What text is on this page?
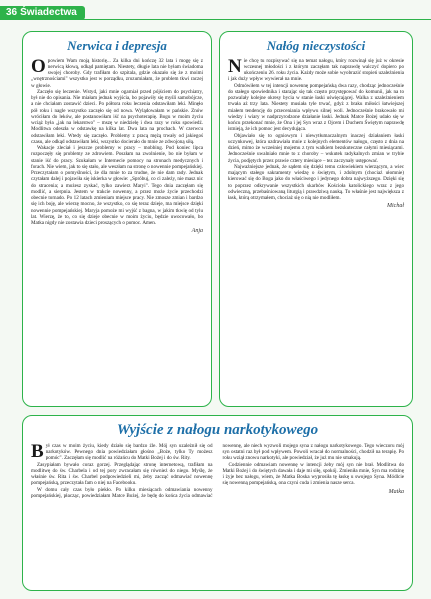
36 Świadectwa
Nerwica i depresja

Opowiem Wam moją historię... Za kilka dni kończę 32 lata i mogę się z nerwicą kłową, odkąd pamiętam. Niestety, długie lata nie byłam świadoma swojej choroby. Gdy trafiłam do szpitala, gdzie okazało się że z moimi „wnętrznościami" wszystko jest w porządku, zrozumiałam, że problem tkwi raczej w głowie.

Zaczęło się leczenie. Wstyd, jaki mnie ogarniał przed pójściem do psychiatry, był nie do opisania. Nie miałam jednak wyjścia, bo pojawiły się myśli samobójcze, a nie chciałam zostawić dzieci. Po półtora roku leczenia odstawiłam leki. Minęło pół roku i nagle wszystko zaczęło się od nowa. Wylądowałam w pańskie. Znów wróciłam do leków, ale postanowiłam iść na psychoterapię. Bogu w moim życiu wciąż była „jak na lekarstwo" – mszę w niedzielę i dwa razy w roku spowiedź. Modlitwa odeszła w odstawkę na kilka lat. Dwa lata na prochach. W czerwcu odstawiłam leki. Wtedy się zaczęło. Problemy z pracą mężą trwały od jakiegoś czasu, ale odkąd odstawiłam leki, wszystko docierało do mnie ze zdwojoną siłą.

Wakacje zleciał i jeszcze problemy w pracy – mobbing. Pod koniec lipca rozpoczęły się problemy ze zdrowiem. Poszłam na zwolnienie, bo nie byłam w stanie iść do pracy. Szukałam w Internecie pomocy na stronach medycznych i forach. Nie wiem, jak to się stało, ale weszłam na stronę o nowennie pompejańskiej. Przeczytałam o pomyślności, że dla mnie to za trudne, że nie dam rady. Jednak czytałam dalej i pojawiła się iskierka w głowie: „Spróbuj, co ci zależy, nie masz nic do stracenia; a możesz zyskać, tylko zawierz Maryi". Tego dnia zaczęłam się modlić, a sierpnia. Jestem w trakcie nowenny, a przez może życie przechodzi obecnie tornado. Po 12 latach zmieniam miejsce pracy. Nie zmosze zmian i bardzo się ich boję, ale wierzę mocno, że wszystko, co się teraz dzieje, ma miejsce dzięki nowennie pompejańskiej. Maryja pomoże mi wyjść z bagna, w jakim tkwię od tylu lat. Wierzę, że to, co się dzieje obecnie w moim życiu, będzie uwocowało, bo Matka nigdy nie zostawia dzieci proszących o pomoc. Amen.

Anja
Nałóg nieczystości

Nie chcę tu rozpisywać się na temat nałogu, który rozwinął się już w okresie wczesnej młodości i z którym zaczęłam tak naprawdę walczyć dopiero po ukończeniu 26. roku życia. Każdy może sobie wyobrazić stopień uzależnienia i jak duży wpływ wywierał na mnie.

Odmówiłem w tej intencji nowennę pompejańską dwa razy, chodząc jednocześnie do stałego spowiednika i starając się tak często przystępować do komunii, jak na to pozwalały kolejne okresy bycia w stanie łaski uświęcającej. Walka z uzależnieniem trwała aż trzy lata. Niestety musiała tyle trwać, gdyż z braku miłości łatwiejszej miałem tendencję do przeceniania wpływu silnej woli. Jednocześnie brakowało mi wiedzy i wiary w nadprzyrodzone działanie łaski. Jednak Matce Bożej udało się w końcu przekonać mnie, że Ona i jej Syn wraz z Ojcem i Duchem Świętym naprawdę istnieją, że ich pomoc jest decydująca.

Objawiało się to ogniowym i niewytłumaczalnym inaczej działaniem łaski uczynkowej, która uzdrawiała mnie z kolejnych elementów nałogu, często z dnia na dzień, mimo że wcześniej mojemu z tym walkiem bezskuteczne całymi miesiącami. Jednocześnie uwalniało mnie to z choroby – wskutek radykalnych zmian w trybie życia, podjętych przez prawie cztery miesiące – tez zaczynały ustępować.

Najważniejsze jednak, że sądem się dzięki temu człowiekiem wierzącym, a wiec mającym stałego sakramenty wiedzę o świętym, i zdolnym (chociaż ułomnie) kierować się do Boga jako do właściwego i jedynego dobra najwyższego. Dzięki się to poprzez odkrywanie wszystkich skarbów Kościoła katolickiego wraz z jego odwieczną, przebaśniowaną liturgią i prawdziwą nauką. To właśnie jest największa z łask, którą otrzymałem, chociaż się o nią nie modliłem.

Michał
Wyjście z nałogu narkotykowego

Był czas w moim życiu, kiedy działo się bardzo źle. Mój syn uzależnił się od narkotyków. Pewnego dnia powiedziałam głośno „Boże, tylko Ty możesz pomóc". Zaczęłam się modlić na różańcu do Matki Bożej i do św. Rity.

Zasypiałam bywało coraz gorzej. Przeglądając stronę internetową, trafiłam na modlitwę do św. Charbela i od tej pory zwracałam się również do niego. Myślę, że właśnie św. Rita i św. Charbel podpowiedzieli mi, żeby zacząć odmawiać nowennę pompejańską, przeczytała fam o niej na Facebooku.

W domu cały czas było piekło. Po kilku miesiącach odmawiania nowenny pompejańskiej, płacząc, powiedziałam Matce Bożej, że będę do końca życia odmawiać nowennę, ale niech wyzwoli mojego syna z nałogu narkotykowego. Tego wieczoru mój syn ostatni raz był pod wpływem. Powoli wracał do normalności, chodził na terapię. Po roku wziął znowu narkotyki, ale powiedział, że już mu nie smakują.

Codziennie odmawiam nowennę w intencji żeby mój syn nie brał. Modlitwa do Matki Bożej i do świętych dawała i daje mi siłę, spokój. Zmieniła mnie, Syn ma rodzinę i żyje bez nałogu, wiem, że Matka Boska wyprosiła tę łaskę u swojego Syna. Módlcie się nowenną pompejańską, ona czyni cuda i zmienia nasze serca.

Matka
